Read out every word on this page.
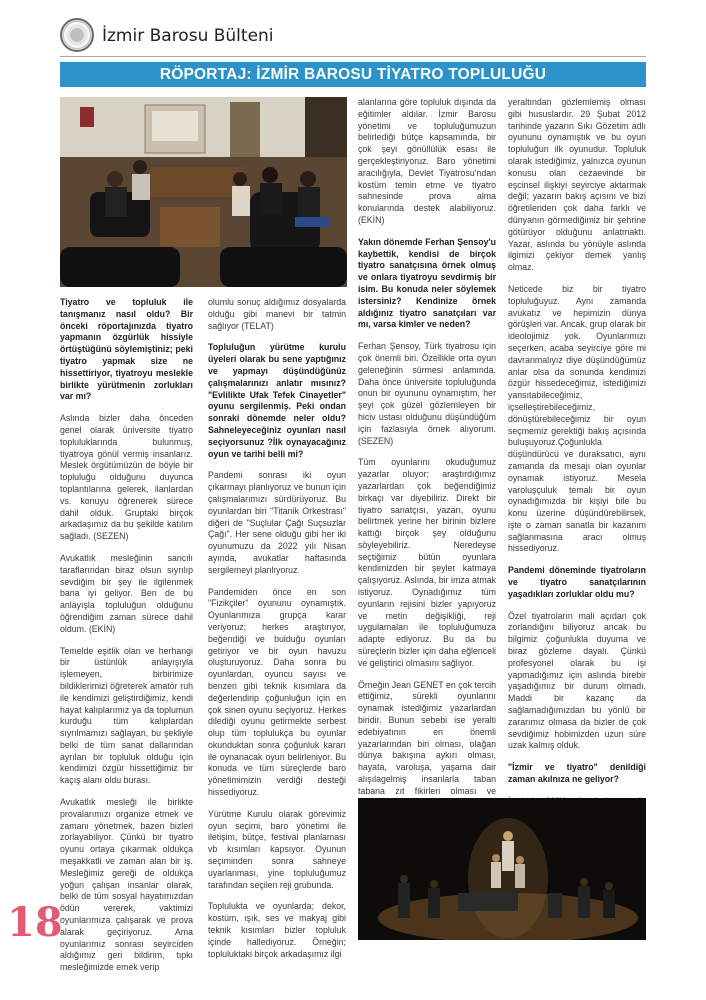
İzmir Barosu Bülteni
RÖPORTAJ: İZMİR BAROSU TİYATRO TOPLULUĞU

Tiyatro ve topluluk ile tanışmanız nasıl oldu? Bir önceki röportajınızda tiyatro yapmanın özgürlük hissiyle örtüştüğünü söylemiştiniz; peki tiyatro yapmak size ne hissettiriyor, tiyatroyu meslekle birlikte yürütmenin zorlukları var mı?

Aslında bizler daha önceden genel olarak üniversite tiyatro topluluklarında bulunmuş, tiyatroya gönül vermiş insanlarız. Meslek örgütümüzün de böyle bir topluluğu olduğunu duyunca toplantılarına gelerek, ilanlardan vs. konuyu öğrenerek sürece dahil olduk. Gruptaki birçok arkadaşımız da bu şekilde katılım sağladı. (SEZEN)

Avukatlık mesleğinin sancılı taraflarından biraz olsun sıyrılıp sevdiğim bir şey ile ilgilenmek bana iyi geliyor. Ben de bu anlayışla topluluğun olduğunu öğrendiğim zaman sürece dahil oldum. (EKİN)

Temelde eşitlik olan ve herhangi bir üstünlük anlayışıyla işlemeyen, birbirimize bildiklerimizi öğreterek amatör ruh ile kendimizi geliştirdiğimiz, kendi hayat kalıplarımız ya da toplumun kurduğu tüm kalıplardan sıyrılmamızı sağlayan, bu şekliyle belki de tüm sanat dallarından ayrılan bir topluluk olduğu için kendimizi özgür hissettiğimiz bir kaçış alanı oldu burası.

Avukatlık mesleği ile birlikte provalarımızı organize etmek ve zamanı yönetmek, bazen bizleri zorlayabiliyor. Çünkü bir tiyatro oyunu ortaya çıkarmak oldukça meşakkatli ve zaman alan bir iş. Mesleğimiz gereği de oldukça yoğun çalışan insanlar olarak, belki de tüm sosyal hayatımızdan ödün vererek, vaktimizi oyunlarımıza çalışarak ve prova alarak geçiriyoruz. Ama oyunlarımız sonrası seyirciden aldığımız geri bildirim, tıpkı mesleğimizde emek verip

olumlu sonuç aldığımız dosyalarda olduğu gibi manevi bir tatmin sağlıyor (TELAT)

Topluluğun yürütme kurulu üyeleri olarak bu sene yaptığınız ve yapmayı düşündüğünüz çalışmalarınızı anlatır mısınız? "Evlilikte Ufak Tefek Cinayetler" oyunu sergilenmiş. Peki ondan sonraki dönemde neler oldu? Sahneleyeceğiniz oyunları nasıl seçiyorsunuz ?İlk oynayacağınız oyun ve tarihi belli mi?

Pandemi sonrası iki oyun çıkarmayı planlıyoruz ve bunun için çalışmalarımızı sürdürüyoruz. Bu oyunlardan biri "Titanik Orkestrası" diğeri de "Suçlular Çağı Suçsuzlar Çağı". Her sene olduğu gibi her iki oyunumuzu da 2022 yılı Nisan ayında, avukatlar haftasında sergilemeyi planlıyoruz.

Pandemiden önce en son "Fizikçiler" oyununu oynamıştık. Oyunlarımıza grupça karar veriyoruz; herkes araştırıyor, beğendiği ve bulduğu oyunları getiriyor ve bir oyun havuzu oluşturuyoruz. Daha sonra bu oyunlardan, oyuncu sayısı ve benzeri gibi teknik kısımlara da değerlendirip çoğunluğun için en çok sinen oyunu seçiyoruz. Herkes dilediği oyunu getirmekte serbest olup tüm toplulukça bu oyunlar okunduktan sonra çoğunluk kararı ile oynanacak oyun belirleniyor. Bu konuda ve tüm süreçlerde baro yönetimimizin verdiği desteği hissediyoruz.

Yürütme Kurulu olarak görevimiz oyun seçimi, baro yönetimi ile iletişim, bütçe, festival planlaması vb kısımları kapsıyor. Oyunun seçiminden sonra sahneye uyarlanması, yine topluluğumuz tarafından seçilen reji grubunda.

Toplulukta ve oyunlarda; dekor, kostüm, ışık, ses ve makyaj gibi teknik kısımları bizler topluluk içinde hallediyoruz. Örneğin; topluluktaki birçok arkadaşımız ilgi

alanlarına göre topluluk dışında da eğitimler aldılar. İzmir Barosu yönetimi ve topluluğumuzun belirlediği bütçe kapsamında, bir çok şeyi gönüllülük esası ile gerçekleştiriyoruz. Baro yönetimi aracılığıyla, Devlet Tiyatrosu'ndan kostüm temin etme ve tiyatro sahnesinde prova alma konularında destek alabiliyoruz. (EKİN)

Yakın dönemde Ferhan Şensoy'u kaybettik, kendisi de birçok tiyatro sanatçısına örnek olmuş ve onlara tiyatroyu sevdirmiş bir isim. Bu konuda neler söylemek istersiniz? Kendinize örnek aldığınız tiyatro sanatçıları var mı, varsa kimler ve neden?

Ferhan Şensoy, Türk tiyatrosu için çok önemli biri. Özellikle orta oyun geleneğinin sürmesi anlamında. Daha önce üniversite topluluğunda onun bir oyununu oynamıştım, her şeyi çok güzel gözlemleyen bir hiciv ustası olduğunu düşündüğüm için fazlasıyla örnek alıyorum. (SEZEN)

Tüm oyunlarını okuduğumuz yazarlar oluyor; araştırdığımız yazarlardan çok beğendiğimiz birkaçı var diyebiliriz. Direkt bir tiyatro sanatçısı, yazarı, oyunu belirtmek yerine her birinin bizlere kattığı birçok şey olduğunu söyleyebiliriz. Neredeyse seçtiğimiz bütün oyunlara kendimizden bir şeyler katmaya çalışıyoruz. Aslında, bir imza atmak istiyoruz. Oynadığımız tüm oyunların rejisini bizler yapıyoruz ve metin değişikliği, reji uygulamaları ile topluluğumuza adapte ediyoruz. Bu da bu süreçlerin bizler için daha eğlenceli ve geliştirici olmasını sağlıyor.

Örneğin Jean GENET en çok tercih ettiğimiz, sürekli oyunlarını oynamak istediğimiz yazarlardan biridir. Bunun sebebi ise yeralti edebiyatının en önemli yazarlarından biri olması, olağan dünya bakışına aykırı olması, hayata, varoluşa, yaşama dair alışılagelmiş insanlarla taban tabana zıt fikirleri olması ve

yeraltından gözlemlemiş olması gibi hususlardır. 29 Şubat 2012 tarihinde yazarın Sıkı Gözetim adlı oyununu oynamıştık ve bu oyun topluluğun ilk oyunudur. Topluluk olarak istediğimiz, yalnızca oyunun konusu olan cezaevinde bir eşcinsel ilişkiyi seyirciye aktarmak değil; yazarın bakış açısını ve bizi öğretilenden çok daha farklı ve dünyanın görmediğimiz bir şehrine götürüyor olduğunu anlatmaktı. Yazar, aslında bu yönüyle aslında ilgimizi çekiyor demek yanlış olmaz.

Neticede biz bir tiyatro topluluğuyuz. Aynı zamanda avukatız ve hepimizin dünya görüşleri var. Ancak, grup olarak bir ideolojimiz yok. Oyunlarımızı seçerken, acaba seyirciye göre mi davranmalıyız diye düşündüğümüz anlar olsa da sonunda kendimizi özgür hissedeceğimiz, istediğimizi yansıtabileceğimiz, içselleştirebileceğimiz, dönüştürebileceğimiz bir oyun seçmemiz gerektiği bakış açısında buluşuyoruz.Çoğunlukla düşündürücü ve duraksatıcı, aynı zamanda da mesajı olan oyunlar oynamak istiyoruz. Mesela varoluşçuluk temalı bir oyun oynadığımızda bir kişiyi bile bu konu üzerine düşündürebilirsek, işte o zaman sanatla bir kazanım sağlanmasına aracı olmuş hissediyoruz.

Pandemi döneminde tiyatroların ve tiyatro sanatçılarının yaşadıkları zorluklar oldu mu?

Özel tiyatroların mali açıdan çok zorlandığını biliyoruz ancak bu bilgimiz çoğunlukla duyuma ve biraz gözleme dayalı. Çünkü profesyonel olarak bu işi yapmadığımız için aslında birebir yaşadığımız bir durum olmadı. Maddi bir kazanç da sağlamadığımızdan bu yönlü bir zararımız olmasa da bizler de çok sevdiğimiz hobimizden uzun süre uzak kalmış olduk.

"İzmir ve tiyatro" denildiği zaman akılnıza ne geliyor?

18
